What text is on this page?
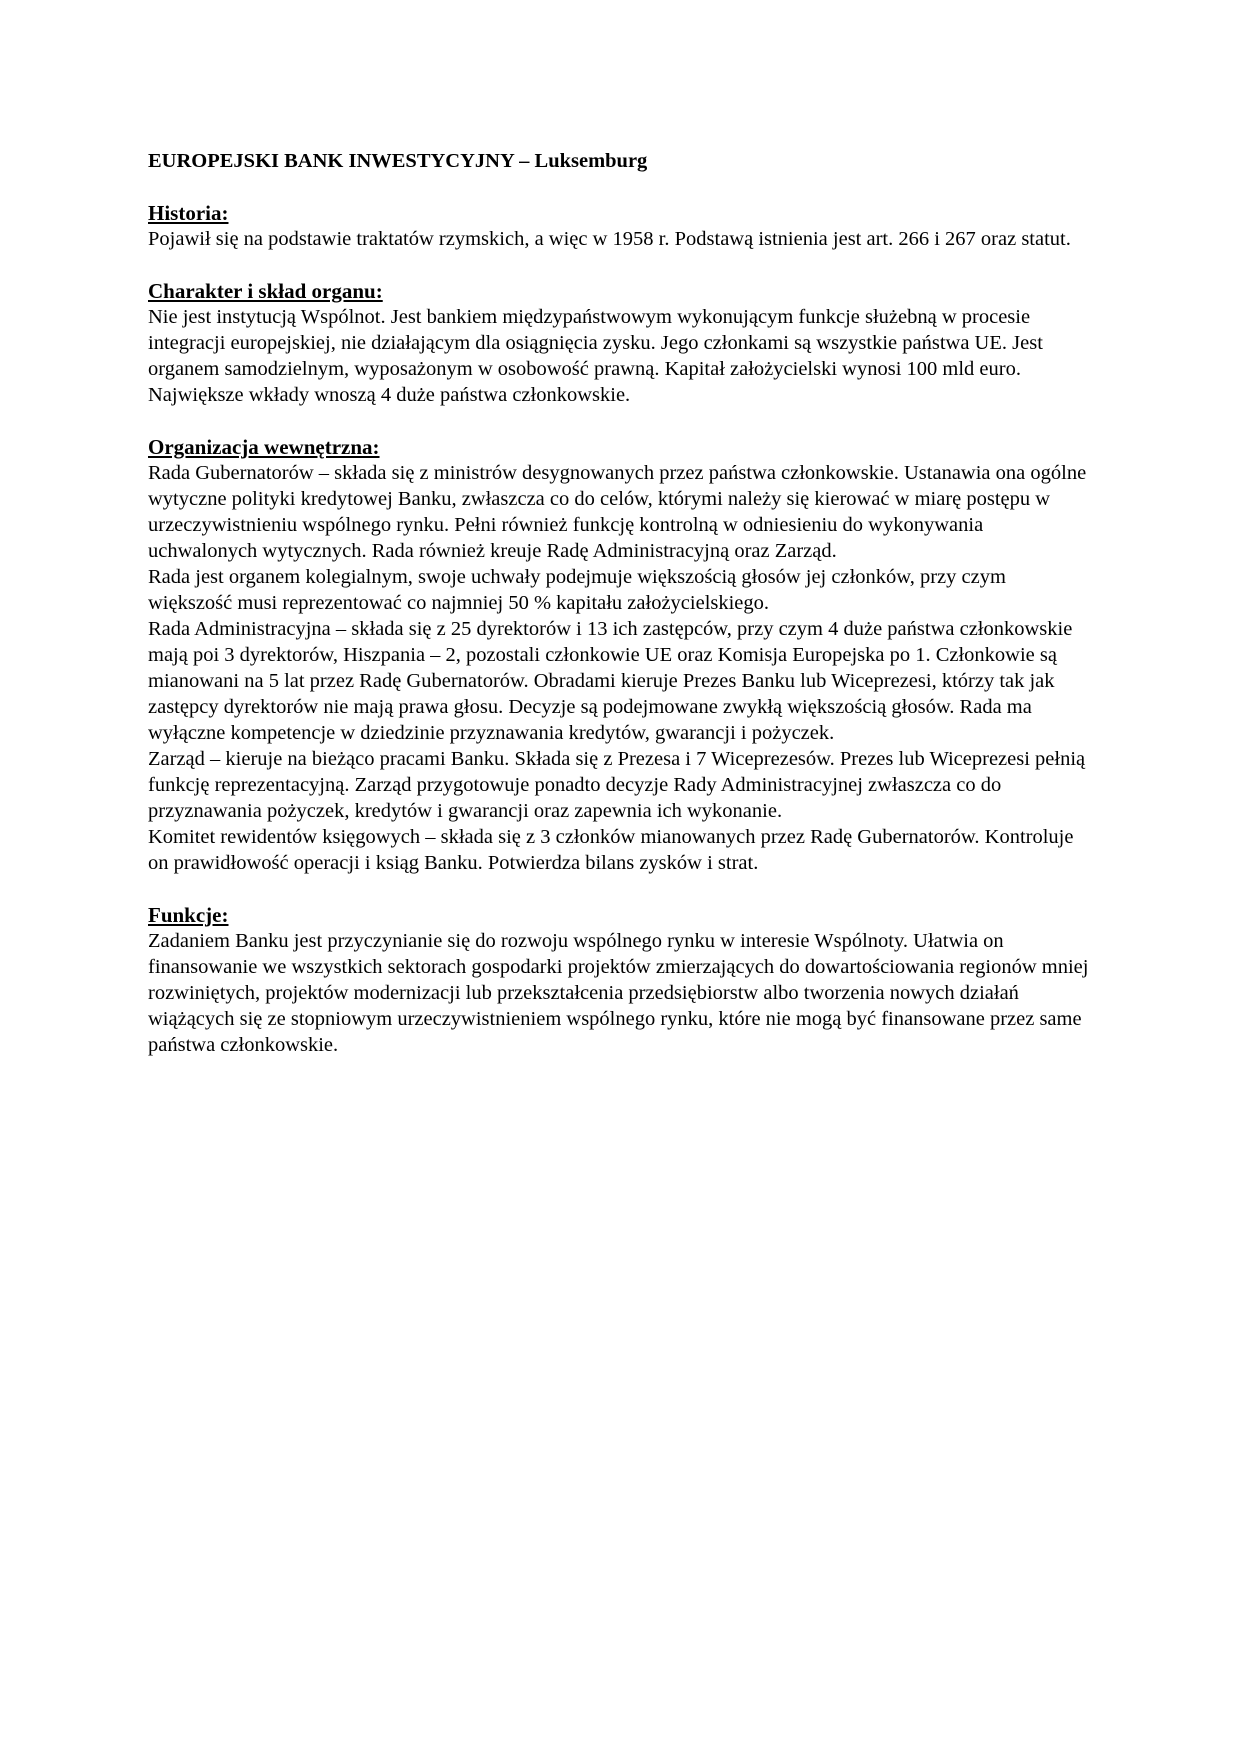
EUROPEJSKI BANK INWESTYCYJNY – Luksemburg
Historia:
Pojawił się na podstawie traktatów rzymskich, a więc w 1958 r. Podstawą istnienia jest art. 266 i 267 oraz statut.
Charakter i skład organu:
Nie jest instytucją Wspólnot. Jest bankiem międzypaństwowym wykonującym funkcje służebną w procesie integracji europejskiej, nie działającym dla osiągnięcia zysku. Jego członkami są wszystkie państwa UE. Jest organem samodzielnym, wyposażonym w osobowość prawną. Kapitał założycielski wynosi 100 mld euro. Największe wkłady wnoszą 4 duże państwa członkowskie.
Organizacja wewnętrzna:
Rada Gubernatorów – składa się z ministrów desygnowanych przez państwa członkowskie. Ustanawia ona ogólne wytyczne polityki kredytowej Banku, zwłaszcza co do celów, którymi należy się kierować w miarę postępu w urzeczywistnieniu wspólnego rynku. Pełni również funkcję kontrolną w odniesieniu do wykonywania uchwalonych wytycznych. Rada również kreuje Radę Administracyjną oraz Zarząd.
Rada jest organem kolegialnym, swoje uchwały podejmuje większością głosów jej członków, przy czym większość musi reprezentować co najmniej 50 % kapitału założycielskiego.
Rada Administracyjna – składa się z 25 dyrektorów i 13 ich zastępców, przy czym 4 duże państwa członkowskie mają poi 3 dyrektorów, Hiszpania – 2, pozostali członkowie UE oraz Komisja Europejska po 1. Członkowie są mianowani na 5 lat przez Radę Gubernatorów. Obradami kieruje Prezes Banku lub Wiceprezesi, którzy tak jak zastępcy dyrektorów nie mają prawa głosu. Decyzje są podejmowane zwykłą większością głosów. Rada ma wyłączne kompetencje w dziedzinie przyznawania kredytów, gwarancji i pożyczek.
Zarząd – kieruje na bieżąco pracami Banku. Składa się z Prezesa i 7 Wiceprezesów. Prezes lub Wiceprezesi pełnią funkcję reprezentacyjną. Zarząd przygotowuje ponadto decyzje Rady Administracyjnej zwłaszcza co do przyznawania pożyczek, kredytów i gwarancji oraz zapewnia ich wykonanie.
Komitet rewidentów księgowych – składa się z 3 członków mianowanych przez Radę Gubernatorów. Kontroluje on prawidłowość operacji i ksiąg Banku. Potwierdza bilans zysków i strat.
Funkcje:
Zadaniem Banku jest przyczynianie się do rozwoju wspólnego rynku w interesie Wspólnoty. Ułatwia on finansowanie we wszystkich sektorach gospodarki projektów zmierzających do dowartościowania regionów mniej rozwiniętych, projektów modernizacji lub przekształcenia przedsiębiorstw albo tworzenia nowych działań wiążących się ze stopniowym urzeczywistnieniem wspólnego rynku, które nie mogą być finansowane przez same państwa członkowskie.
